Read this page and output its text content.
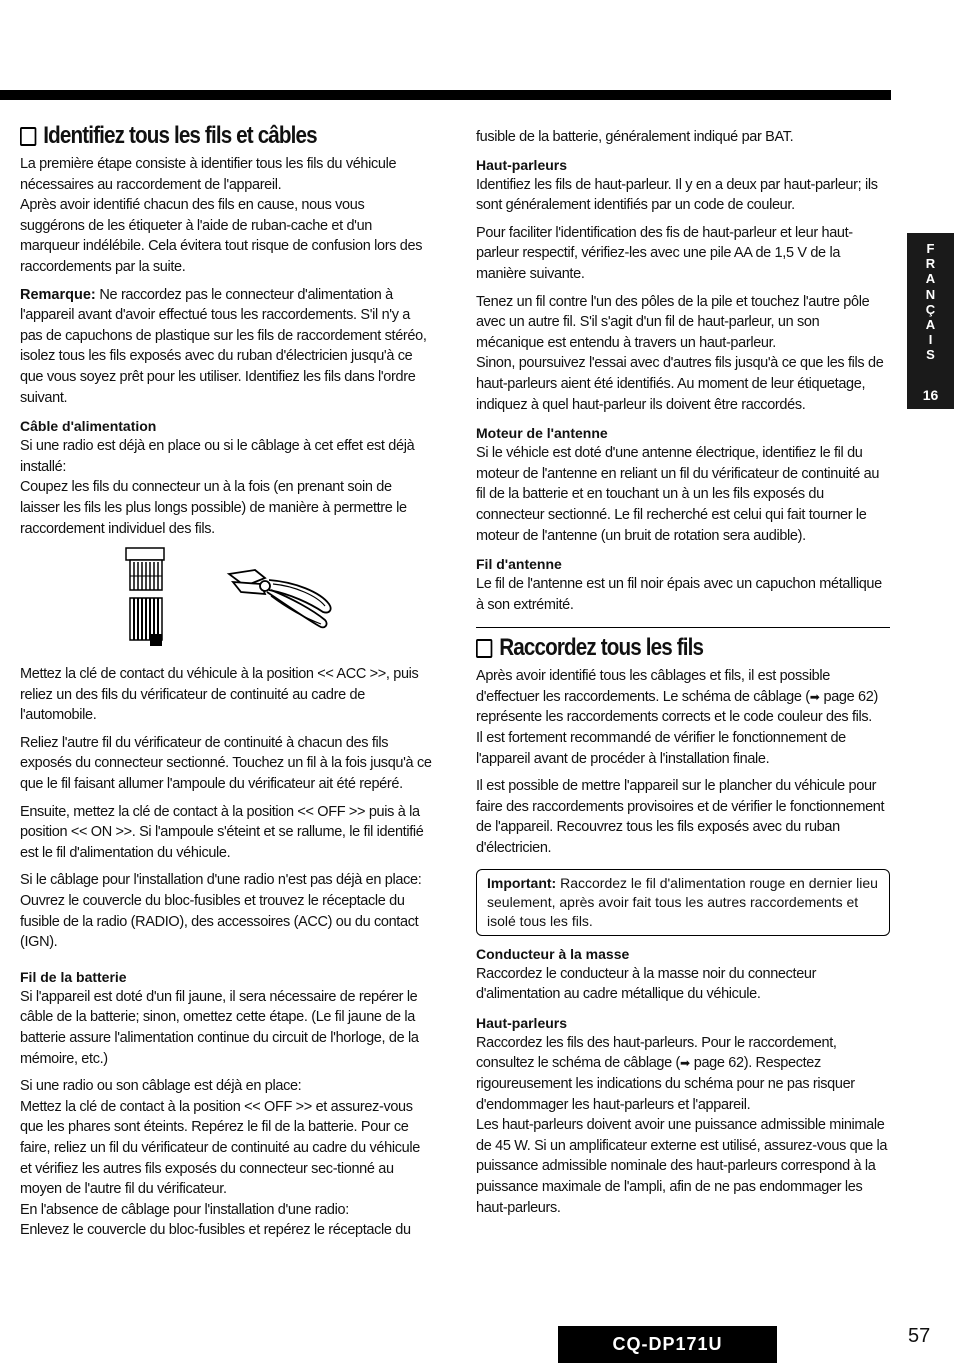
Identifiez tous les fils et câbles

La première étape consiste à identifier tous les fils du véhicule nécessaires au raccordement de l'appareil.

Après avoir identifié chacun des fils en cause, nous vous suggérons de les étiqueter à l'aide de ruban-cache et d'un marqueur indélébile. Cela évitera tout risque de confusion lors des raccordements par la suite.

Remarque: Ne raccordez pas le connecteur d'alimentation à l'appareil avant d'avoir effectué tous les raccordements. S'il n'y a pas de capuchons de plastique sur les fils de raccordement stéréo, isolez tous les fils exposés avec du ruban d'électricien jusqu'à ce que vous soyez prêt pour les utiliser. Identifiez les fils dans l'ordre suivant.

Câble d'alimentation

Si une radio est déjà en place ou si le câblage à cet effet est déjà installé:

Coupez les fils du connecteur un à la fois (en prenant soin de laisser les fils les plus longs possible) de manière à permettre le raccordement individuel des fils.

Mettez la clé de contact du véhicule à la position << ACC >>, puis reliez un des fils du vérificateur de continuité au cadre de l'automobile.

Reliez l'autre fil du vérificateur de continuité à chacun des fils exposés du connecteur sectionné. Touchez un fil à la fois jusqu'à ce que le fil faisant allumer l'ampoule du vérificateur ait été repéré.

Ensuite, mettez la clé de contact à la position << OFF >> puis à la position << ON >>. Si l'ampoule s'éteint et se rallume, le fil identifié est le fil d'alimentation du véhicule.

Si le câblage pour l'installation d'une radio n'est pas déjà en place:

Ouvrez le couvercle du bloc-fusibles et trouvez le réceptacle du fusible de la radio (RADIO), des accessoires (ACC) ou du contact (IGN).

Fil de la batterie

Si l'appareil est doté d'un fil jaune, il sera nécessaire de repérer le câble de la batterie; sinon, omettez cette étape. (Le fil jaune de la batterie assure l'alimentation continue du circuit de l'horloge, de la mémoire, etc.)

Si une radio ou son câblage est déjà en place:

Mettez la clé de contact à la position << OFF >> et assurez-vous que les phares sont éteints. Repérez le fil de la batterie. Pour ce faire, reliez un fil du vérificateur de continuité au cadre du véhicule et vérifiez les autres fils exposés du connecteur sec-tionné au moyen de l'autre fil du vérificateur.

En l'absence de câblage pour l'installation d'une radio:

Enlevez le couvercle du bloc-fusibles et repérez le réceptacle du

fusible de la batterie, généralement indiqué par BAT.

Haut-parleurs

Identifiez les fils de haut-parleur. Il y en a deux par haut-parleur; ils sont généralement identifiés par un code de couleur.

Pour faciliter l'identification des fis de haut-parleur et leur haut-parleur respectif, vérifiez-les avec une pile AA de 1,5 V de la manière suivante.

Tenez un fil contre l'un des pôles de la pile et touchez l'autre pôle avec un autre fil. S'il s'agit d'un fil de haut-parleur, un son mécanique est entendu à travers un haut-parleur.

Sinon, poursuivez l'essai avec d'autres fils jusqu'à ce que les fils de haut-parleurs aient été identifiés. Au moment de leur étiquetage, indiquez à quel haut-parleur ils doivent être raccordés.

Moteur de l'antenne

Si le véhicle est doté d'une antenne électrique, identifiez le fil du moteur de l'antenne en reliant un fil du vérificateur de continuité au fil de la batterie et en touchant un à un les fils exposés du connecteur sectionné. Le fil recherché est celui qui fait tourner le moteur de l'antenne (un bruit de rotation sera audible).

Fil d'antenne

Le fil de l'antenne est un fil noir épais avec un capuchon métallique à son extrémité.

Raccordez tous les fils

Après avoir identifié tous les câblages et fils, il est possible d'effectuer les raccordements. Le schéma de câblage (➡ page 62) représente les raccordements corrects et le code couleur des fils.

Il est fortement recommandé de vérifier le fonctionnement de l'appareil avant de procéder à l'installation finale.

Il est possible de mettre l'appareil sur le plancher du véhicule pour faire des raccordements provisoires et de vérifier le fonctionnement de l'appareil. Recouvrez tous les fils exposés avec du ruban d'électricien.

Important: Raccordez le fil d'alimentation rouge en dernier lieu seulement, après avoir fait tous les autres raccordements et isolé tous les fils.
Conducteur à la masse

Raccordez le conducteur à la masse noir du connecteur d'alimentation au cadre métallique du véhicule.

Haut-parleurs

Raccordez les fils des haut-parleurs. Pour le raccordement, consultez le schéma de câblage (➡ page 62). Respectez rigoureusement les indications du schéma pour ne pas risquer d'endommager les haut-parleurs et l'appareil.

Les haut-parleurs doivent avoir une puissance admissible minimale de 45 W. Si un amplificateur externe est utilisé, assurez-vous que la puissance admissible nominale des haut-parleurs correspond à la puissance maximale de l'ampli, afin de ne pas endommager les haut-parleurs.

F
R
A
N
Ç
A
I
S
16
CQ-DP171U	57
